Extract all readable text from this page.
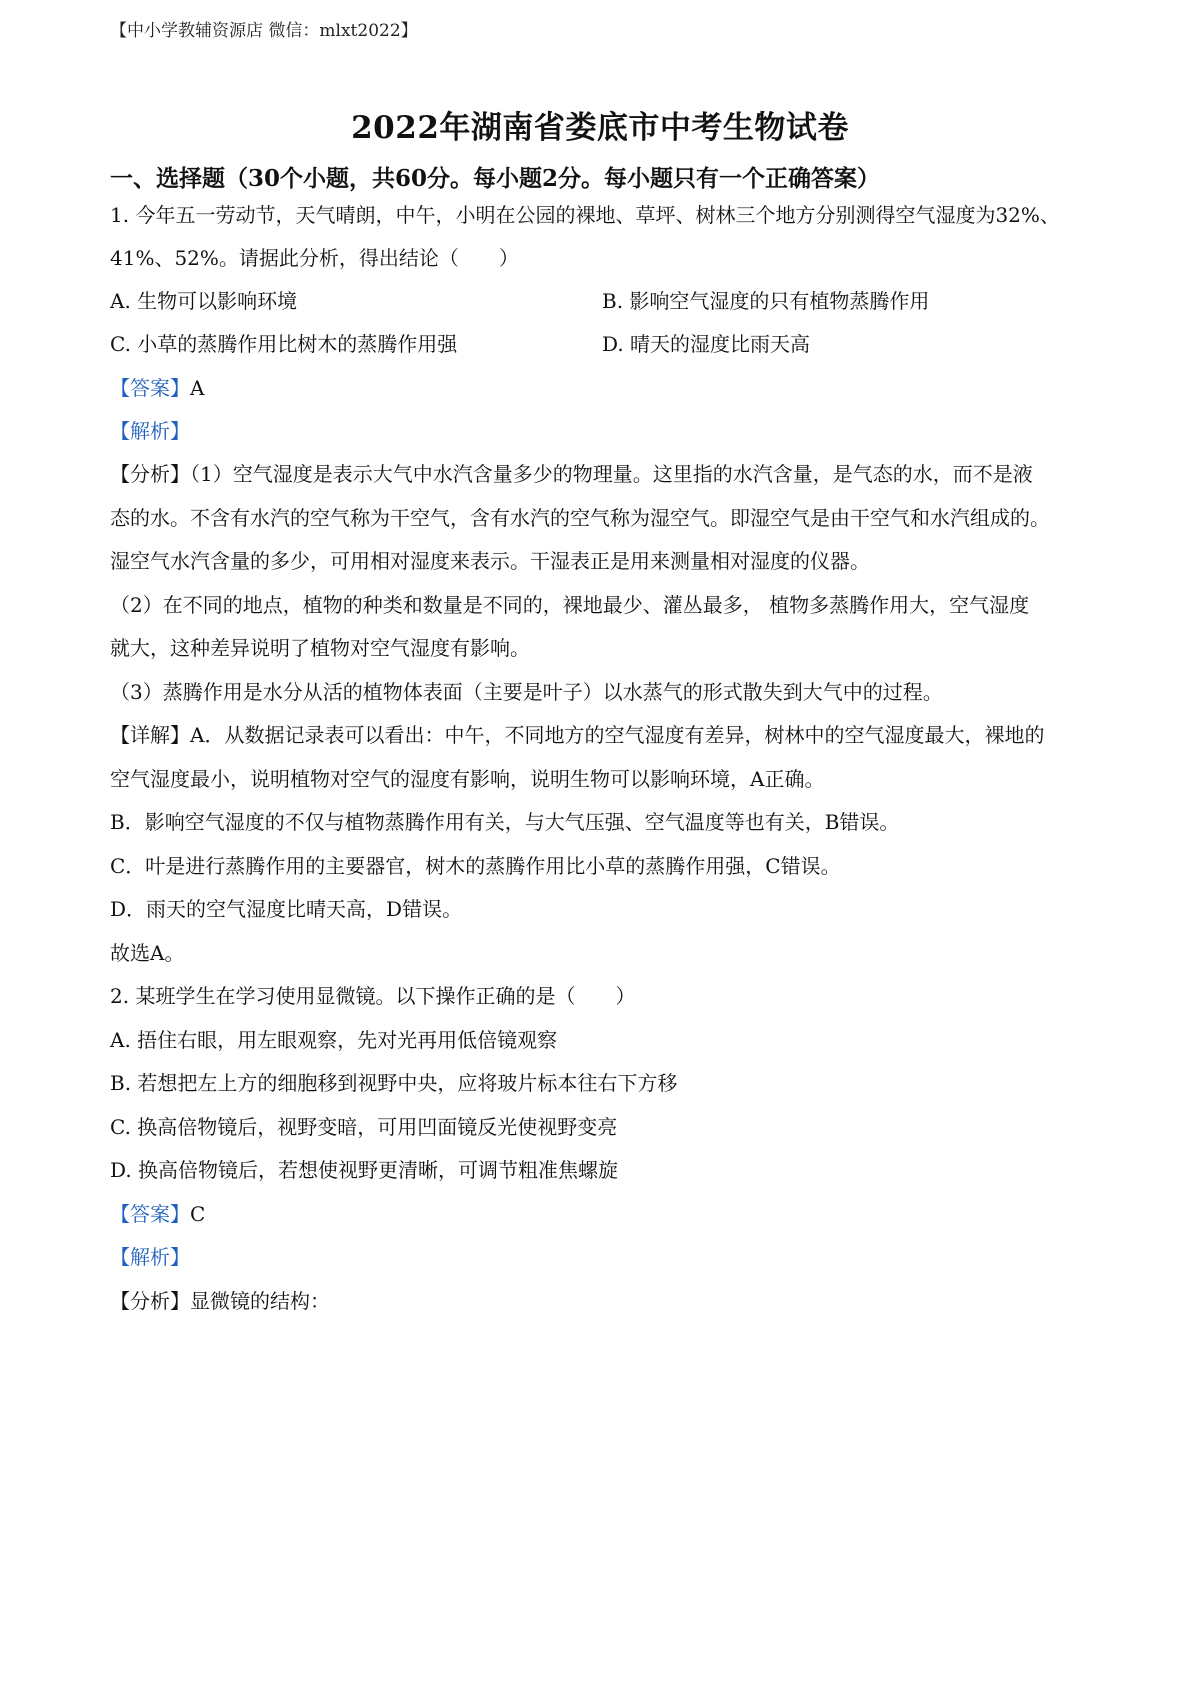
【中小学教辅资源店 微信：mlxt2022】
2022年湖南省娄底市中考生物试卷
一、选择题（30个小题，共60分。每小题2分。每小题只有一个正确答案）
1. 今年五一劳动节，天气晴朗，中午，小明在公园的裸地、草坪、树林三个地方分别测得空气湿度为32%、
41%、52%。请据此分析，得出结论（　　）
A. 生物可以影响环境	B. 影响空气湿度的只有植物蒸腾作用
C. 小草的蒸腾作用比树木的蒸腾作用强	D. 晴天的湿度比雨天高
【答案】A
【解析】
【分析】（1）空气湿度是表示大气中水汽含量多少的物理量。这里指的水汽含量，是气态的水，而不是液
态的水。不含有水汽的空气称为干空气，含有水汽的空气称为湿空气。即湿空气是由干空气和水汽组成的。
湿空气水汽含量的多少，可用相对湿度来表示。干湿表正是用来测量相对湿度的仪器。
（2）在不同的地点，植物的种类和数量是不同的，裸地最少、灌丛最多， 植物多蒸腾作用大，空气湿度
就大，这种差异说明了植物对空气湿度有影响。
（3）蒸腾作用是水分从活的植物体表面（主要是叶子）以水蒸气的形式散失到大气中的过程。
【详解】A．从数据记录表可以看出：中午，不同地方的空气湿度有差异，树林中的空气湿度最大，裸地的
空气湿度最小，说明植物对空气的湿度有影响，说明生物可以影响环境，A正确。
B．影响空气湿度的不仅与植物蒸腾作用有关，与大气压强、空气温度等也有关，B错误。
C．叶是进行蒸腾作用的主要器官，树木的蒸腾作用比小草的蒸腾作用强，C错误。
D．雨天的空气湿度比晴天高，D错误。
故选A。
2. 某班学生在学习使用显微镜。以下操作正确的是（　　）
A. 捂住右眼，用左眼观察，先对光再用低倍镜观察
B. 若想把左上方的细胞移到视野中央，应将玻片标本往右下方移
C. 换高倍物镜后，视野变暗，可用凹面镜反光使视野变亮
D. 换高倍物镜后，若想使视野更清晰，可调节粗准焦螺旋
【答案】C
【解析】
【分析】显微镜的结构：
